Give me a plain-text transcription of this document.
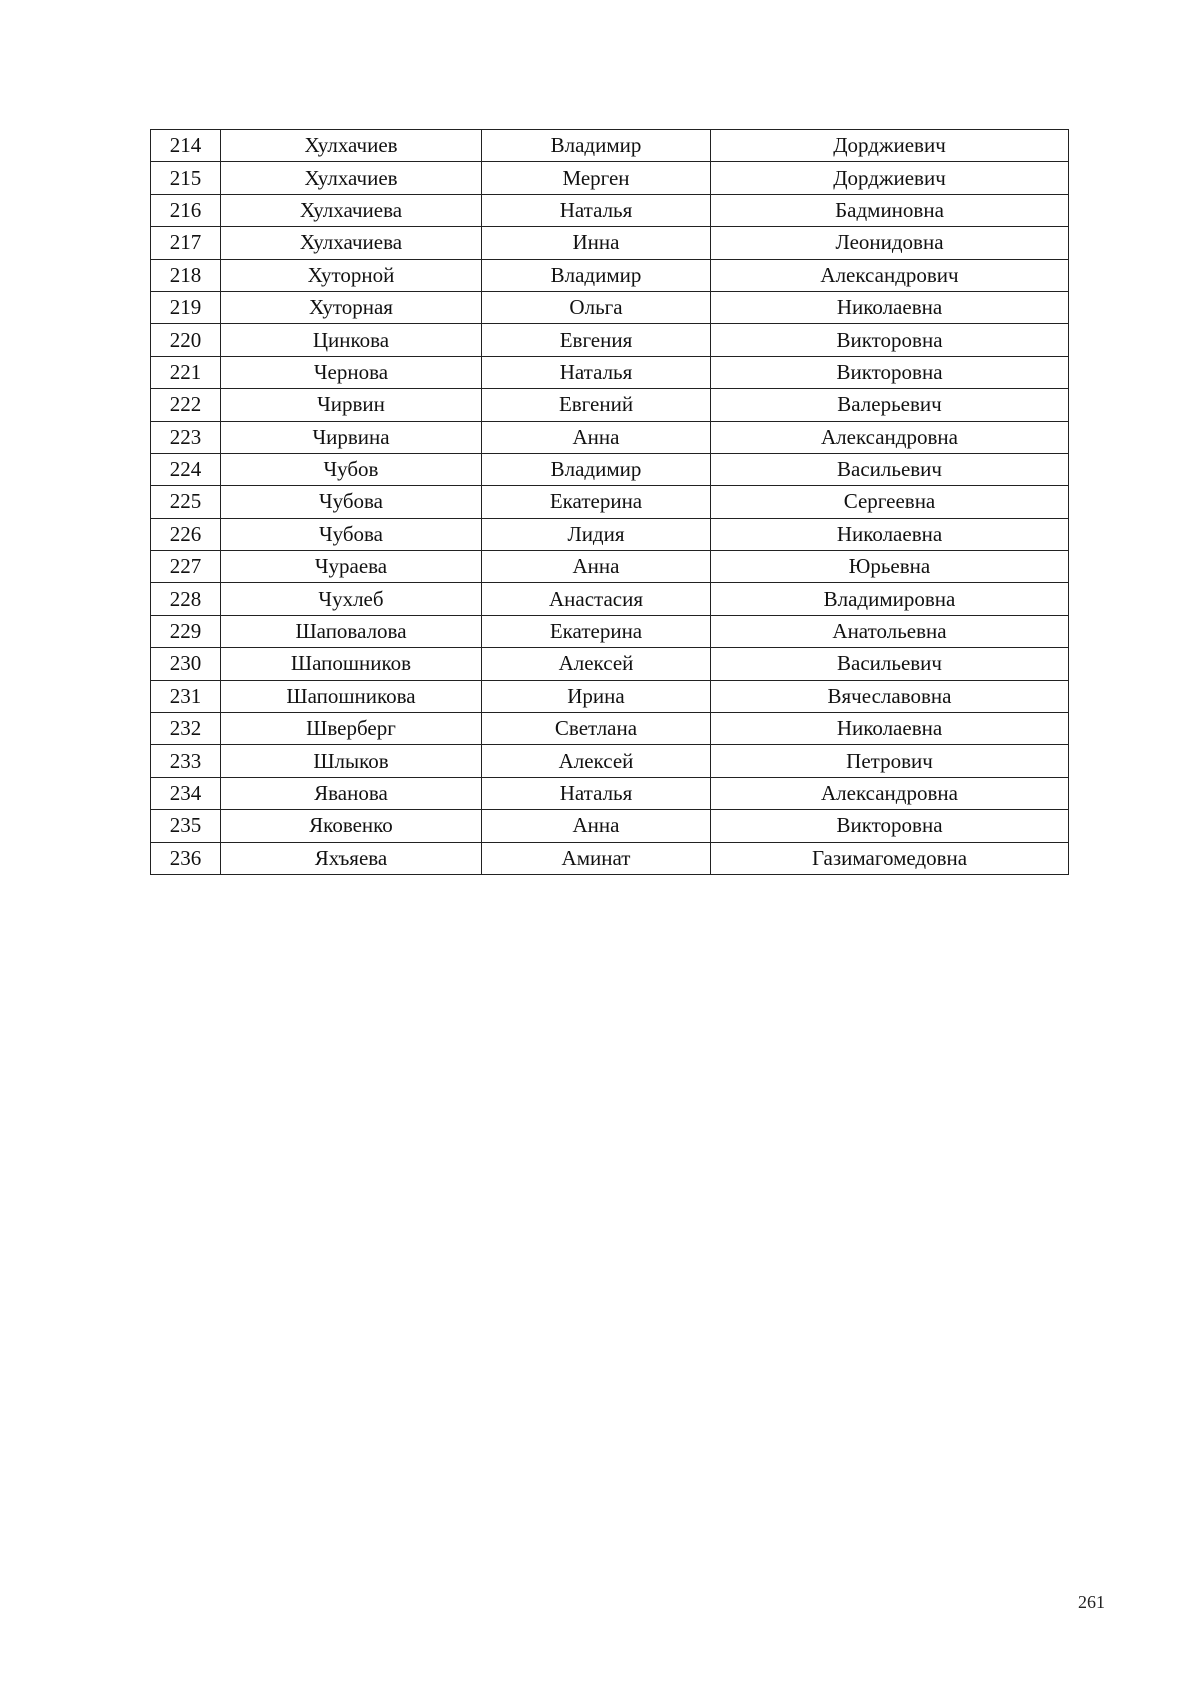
214	Хулхачиев	Владимир	Дорджиевич
215	Хулхачиев	Мерген	Дорджиевич
216	Хулхачиева	Наталья	Бадминовна
217	Хулхачиева	Инна	Леонидовна
218	Хуторной	Владимир	Александрович
219	Хуторная	Ольга	Николаевна
220	Цинкова	Евгения	Викторовна
221	Чернова	Наталья	Викторовна
222	Чирвин	Евгений	Валерьевич
223	Чирвина	Анна	Александровна
224	Чубов	Владимир	Васильевич
225	Чубова	Екатерина	Сергеевна
226	Чубова	Лидия	Николаевна
227	Чураева	Анна	Юрьевна
228	Чухлеб	Анастасия	Владимировна
229	Шаповалова	Екатерина	Анатольевна
230	Шапошников	Алексей	Васильевич
231	Шапошникова	Ирина	Вячеславовна
232	Шверберг	Светлана	Николаевна
233	Шлыков	Алексей	Петрович
234	Яванова	Наталья	Александровна
235	Яковенко	Анна	Викторовна
236	Яхъяева	Аминат	Газимагомедовна
261
